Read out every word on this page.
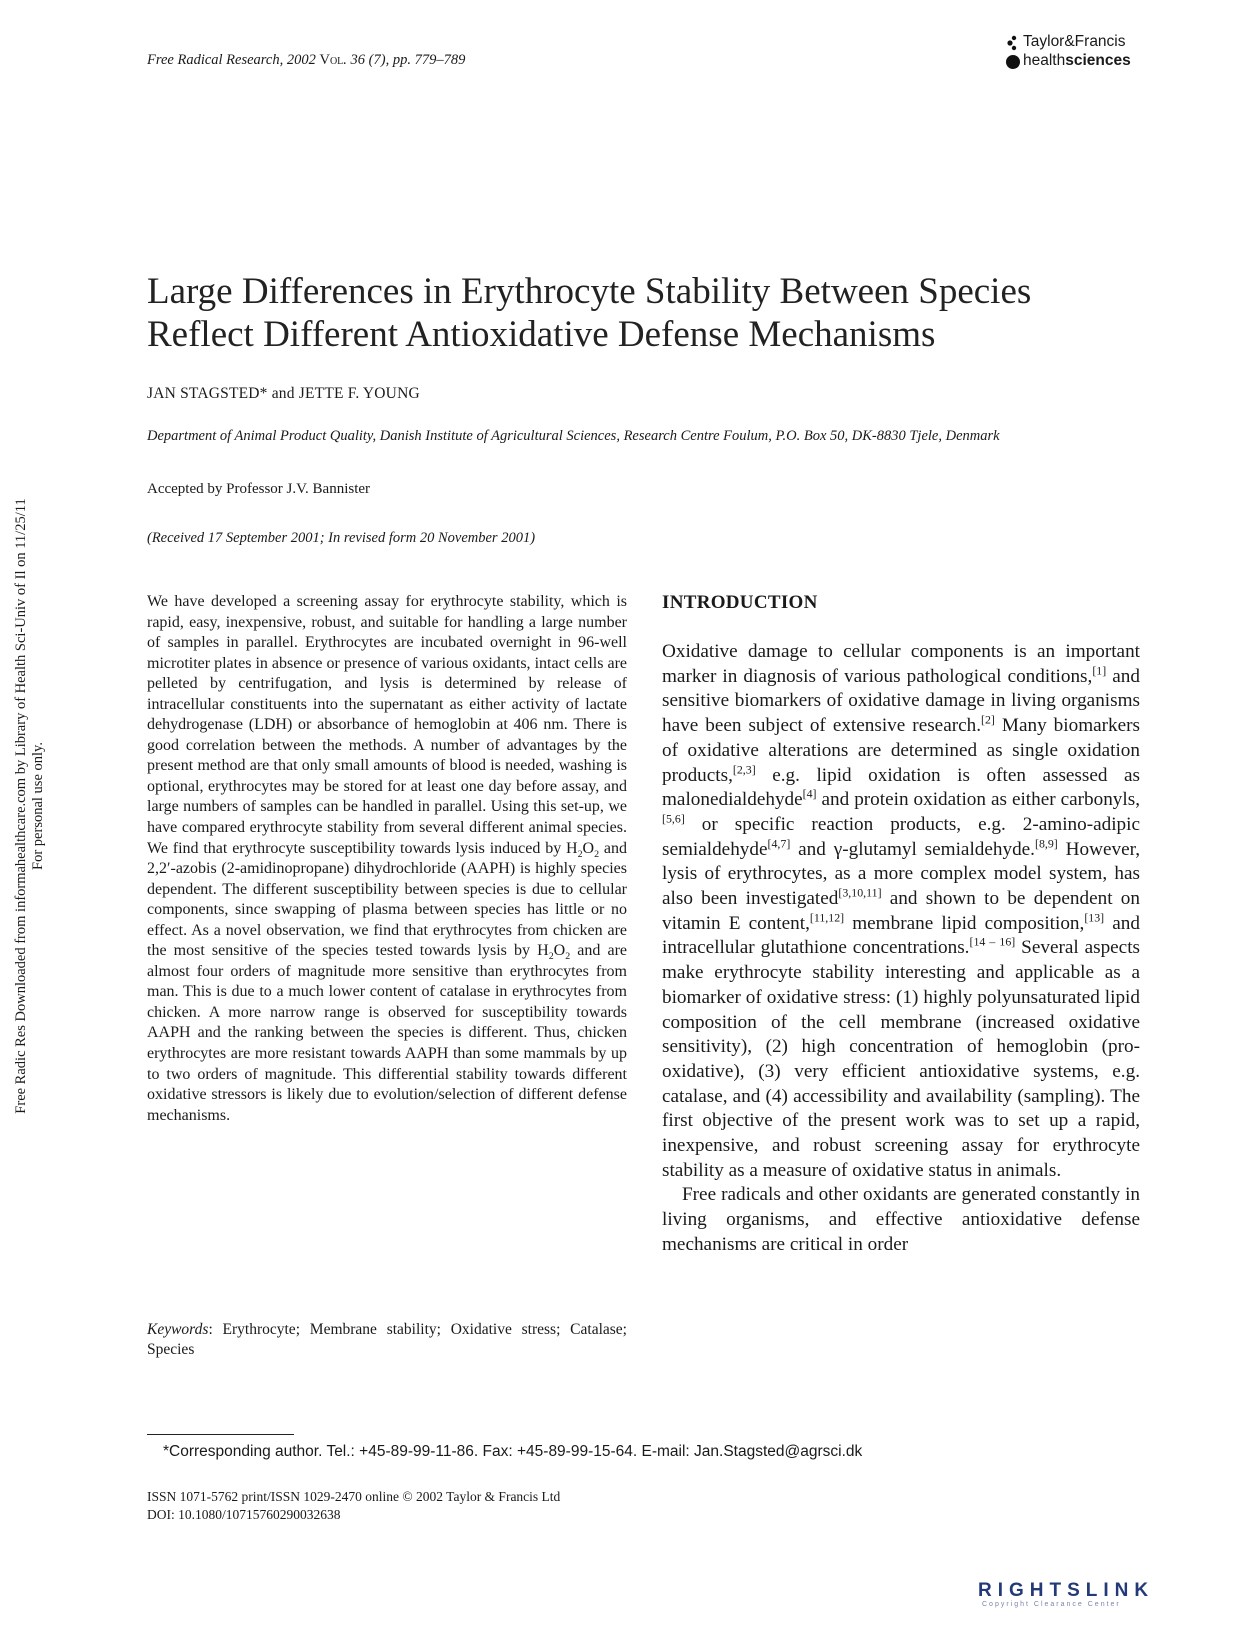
Free Radical Research, 2002 Vol. 36 (7), pp. 779–789
Taylor&Francis
healthsciences
Free Radic Res Downloaded from informahealthcare.com by Library of Health Sci-Univ of Il on 11/25/11 For personal use only.
Large Differences in Erythrocyte Stability Between Species Reflect Different Antioxidative Defense Mechanisms
JAN STAGSTED* and JETTE F. YOUNG
Department of Animal Product Quality, Danish Institute of Agricultural Sciences, Research Centre Foulum, P.O. Box 50, DK-8830 Tjele, Denmark
Accepted by Professor J.V. Bannister
(Received 17 September 2001; In revised form 20 November 2001)
We have developed a screening assay for erythrocyte stability, which is rapid, easy, inexpensive, robust, and suitable for handling a large number of samples in parallel. Erythrocytes are incubated overnight in 96-well microtiter plates in absence or presence of various oxidants, intact cells are pelleted by centrifugation, and lysis is determined by release of intracellular constituents into the supernatant as either activity of lactate dehydrogenase (LDH) or absorbance of hemoglobin at 406 nm. There is good correlation between the methods. A number of advantages by the present method are that only small amounts of blood is needed, washing is optional, erythrocytes may be stored for at least one day before assay, and large numbers of samples can be handled in parallel. Using this set-up, we have compared erythrocyte stability from several different animal species. We find that erythrocyte susceptibility towards lysis induced by $H_2O_2$ and 2,2′-azobis (2-amidinopropane) dihydrochloride (AAPH) is highly species dependent. The different susceptibility between species is due to cellular components, since swapping of plasma between species has little or no effect. As a novel observation, we find that erythrocytes from chicken are the most sensitive of the species tested towards lysis by $H_2O_2$ and are almost four orders of magnitude more sensitive than erythrocytes from man. This is due to a much lower content of catalase in erythrocytes from chicken. A more narrow range is observed for susceptibility towards AAPH and the ranking between the species is different. Thus, chicken erythrocytes are more resistant towards AAPH than some mammals by up to two orders of magnitude. This differential stability towards different oxidative stressors is likely due to evolution/selection of different defense mechanisms.
Keywords: Erythrocyte; Membrane stability; Oxidative stress; Catalase; Species
INTRODUCTION

Oxidative damage to cellular components is an important marker in diagnosis of various pathological conditions,[1] and sensitive biomarkers of oxidative damage in living organisms have been subject of extensive research.[2] Many biomarkers of oxidative alterations are determined as single oxidation products,[2,3] e.g. lipid oxidation is often assessed as malonedialdehyde[4] and protein oxidation as either carbonyls,[5,6] or specific reaction products, e.g. 2-amino-adipic semialdehyde[4,7] and γ-glutamyl semialdehyde.[8,9] However, lysis of erythrocytes, as a more complex model system, has also been investigated[3,10,11] and shown to be dependent on vitamin E content,[11,12] membrane lipid composition,[13] and intracellular glutathione concentrations.[14 – 16] Several aspects make erythrocyte stability interesting and applicable as a biomarker of oxidative stress: (1) highly polyunsaturated lipid composition of the cell membrane (increased oxidative sensitivity), (2) high concentration of hemoglobin (pro-oxidative), (3) very efficient antioxidative systems, e.g. catalase, and (4) accessibility and availability (sampling). The first objective of the present work was to set up a rapid, inexpensive, and robust screening assay for erythrocyte stability as a measure of oxidative status in animals.

Free radicals and other oxidants are generated constantly in living organisms, and effective antioxidative defense mechanisms are critical in order

*Corresponding author. Tel.: +45-89-99-11-86. Fax: +45-89-99-15-64. E-mail: Jan.Stagsted@agrsci.dk
ISSN 1071-5762 print/ISSN 1029-2470 online © 2002 Taylor & Francis Ltd
DOI: 10.1080/10715760290032638
RIGHTSLINK
Copyright Clearance Center
